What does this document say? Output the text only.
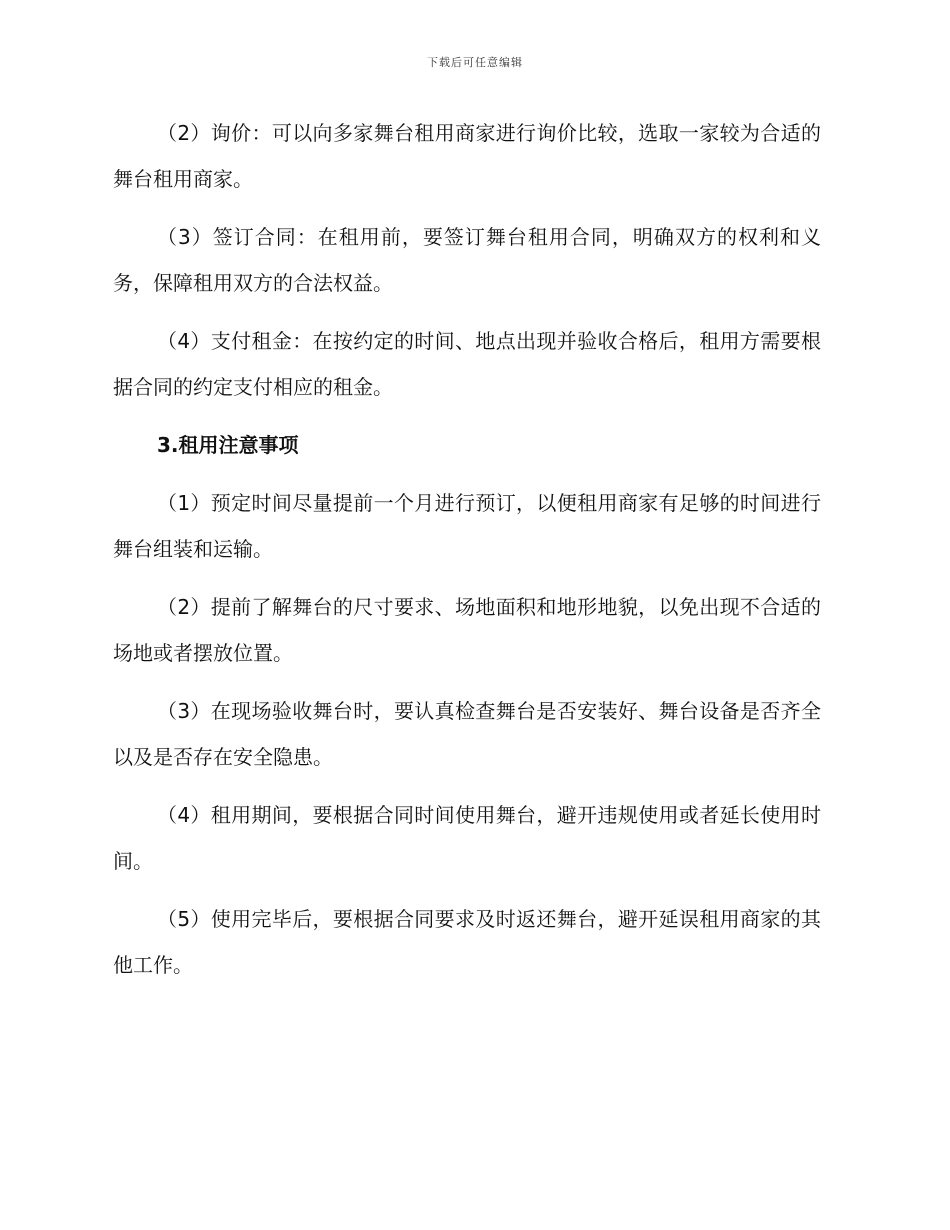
下载后可任意编辑

（2）询价：可以向多家舞台租用商家进行询价比较，选取一家较为合适的舞台租用商家。

（3）签订合同：在租用前，要签订舞台租用合同，明确双方的权利和义务，保障租用双方的合法权益。

（4）支付租金：在按约定的时间、地点出现并验收合格后，租用方需要根据合同的约定支付相应的租金。

3.租用注意事项

（1）预定时间尽量提前一个月进行预订，以便租用商家有足够的时间进行舞台组装和运输。

（2）提前了解舞台的尺寸要求、场地面积和地形地貌，以免出现不合适的场地或者摆放位置。

（3）在现场验收舞台时，要认真检查舞台是否安装好、舞台设备是否齐全以及是否存在安全隐患。

（4）租用期间，要根据合同时间使用舞台，避开违规使用或者延长使用时间。

（5）使用完毕后，要根据合同要求及时返还舞台，避开延误租用商家的其他工作。
